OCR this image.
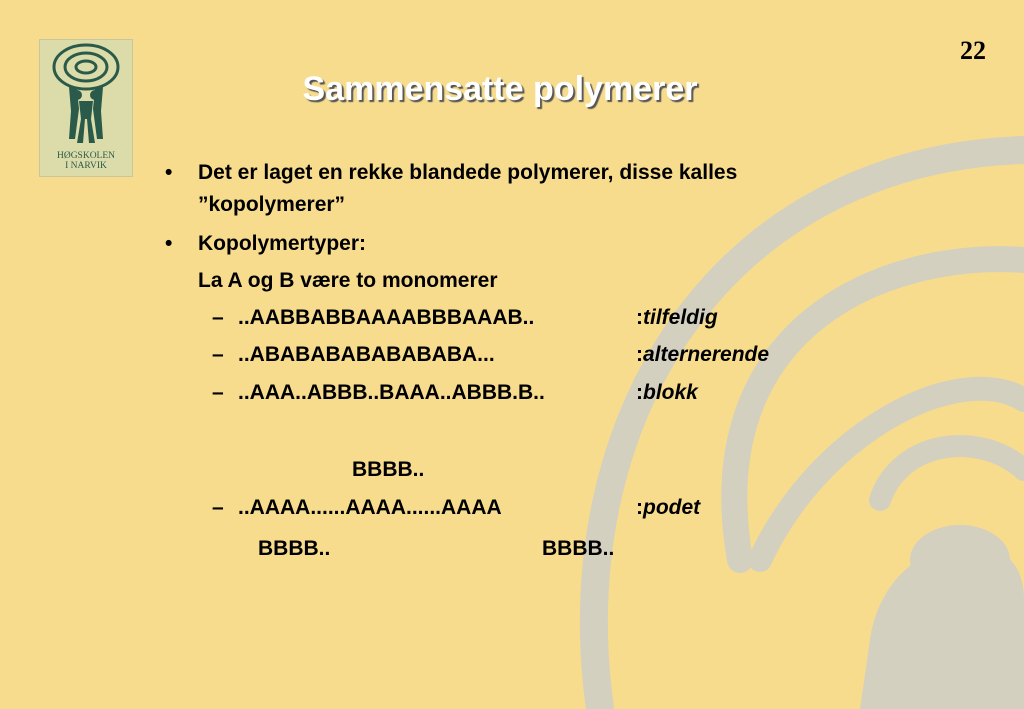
HØGSKOLEN
I NARVIK
22
Sammensatte polymerer
• Det er laget en rekke blandede polymerer, disse kalles
”kopolymerer”
• Kopolymertyper:
La A og B være to monomerer
– ..AABBABBAAAABBBAAAB..	:tilfeldig
– ..ABABABABABABABA...	:alternerende
– ..AAA..ABBB..BAAA..ABBB.B..	:blokk
BBBB..
– ..AAAA......AAAA......AAAA	:podet
BBBB..	BBBB..
